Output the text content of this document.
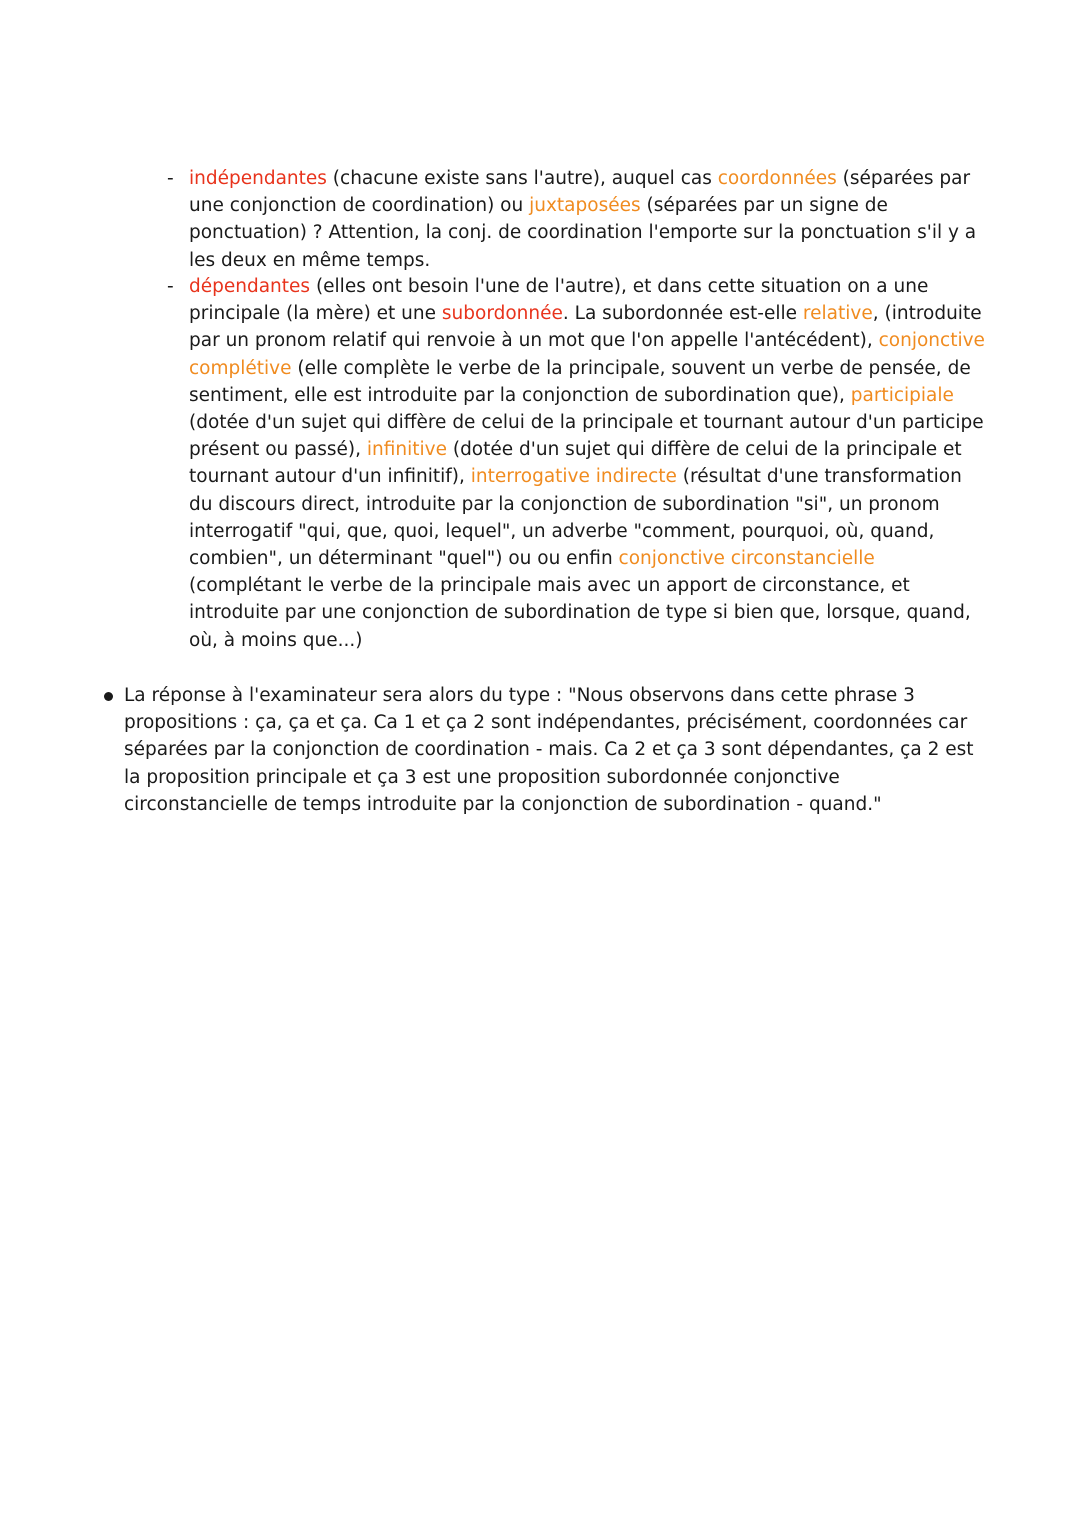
- indépendantes (chacune existe sans l'autre), auquel cas coordonnées (séparées par une conjonction de coordination) ou juxtaposées (séparées par un signe de ponctuation) ? Attention, la conj. de coordination l'emporte sur la ponctuation s'il y a les deux en même temps.

- dépendantes (elles ont besoin l'une de l'autre), et dans cette situation on a une principale (la mère) et une subordonnée. La subordonnée est-elle relative, (introduite par un pronom relatif qui renvoie à un mot que l'on appelle l'antécédent), conjonctive complétive (elle complète le verbe de la principale, souvent un verbe de pensée, de sentiment, elle est introduite par la conjonction de subordination que), participiale (dotée d'un sujet qui diffère de celui de la principale et tournant autour d'un participe présent ou passé), infinitive (dotée d'un sujet qui diffère de celui de la principale et tournant autour d'un infinitif), interrogative indirecte (résultat d'une transformation du discours direct, introduite par la conjonction de subordination "si", un pronom interrogatif "qui, que, quoi, lequel", un adverbe "comment, pourquoi, où, quand, combien", un déterminant "quel") ou ou enfin conjonctive circonstancielle (complétant le verbe de la principale mais avec un apport de circonstance, et introduite par une conjonction de subordination de type si bien que, lorsque, quand, où, à moins que...)

La réponse à l'examinateur sera alors du type : "Nous observons dans cette phrase 3 propositions : ça, ça et ça. Ca 1 et ça 2 sont indépendantes, précisément, coordonnées car séparées par la conjonction de coordination - mais. Ca 2 et ça 3 sont dépendantes, ça 2 est la proposition principale et ça 3 est une proposition subordonnée conjonctive circonstancielle de temps introduite par la conjonction de subordination - quand."
